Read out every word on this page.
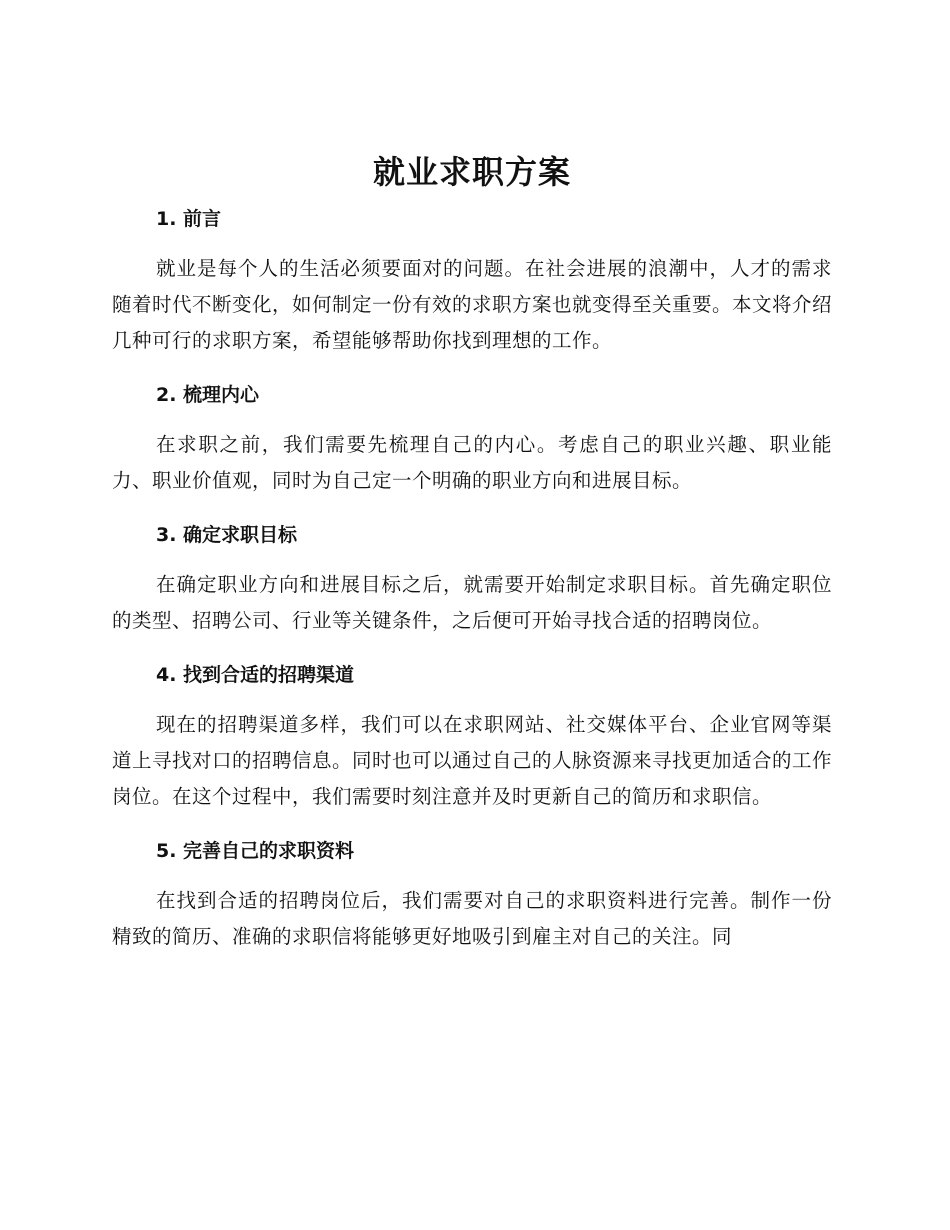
就业求职方案
1. 前言

就业是每个人的生活必须要面对的问题。在社会进展的浪潮中，人才的需求随着时代不断变化，如何制定一份有效的求职方案也就变得至关重要。本文将介绍几种可行的求职方案，希望能够帮助你找到理想的工作。

2. 梳理内心

在求职之前，我们需要先梳理自己的内心。考虑自己的职业兴趣、职业能力、职业价值观，同时为自己定一个明确的职业方向和进展目标。

3. 确定求职目标

在确定职业方向和进展目标之后，就需要开始制定求职目标。首先确定职位的类型、招聘公司、行业等关键条件，之后便可开始寻找合适的招聘岗位。

4. 找到合适的招聘渠道

现在的招聘渠道多样，我们可以在求职网站、社交媒体平台、企业官网等渠道上寻找对口的招聘信息。同时也可以通过自己的人脉资源来寻找更加适合的工作岗位。在这个过程中，我们需要时刻注意并及时更新自己的简历和求职信。

5. 完善自己的求职资料

在找到合适的招聘岗位后，我们需要对自己的求职资料进行完善。制作一份精致的简历、准确的求职信将能够更好地吸引到雇主对自己的关注。同
